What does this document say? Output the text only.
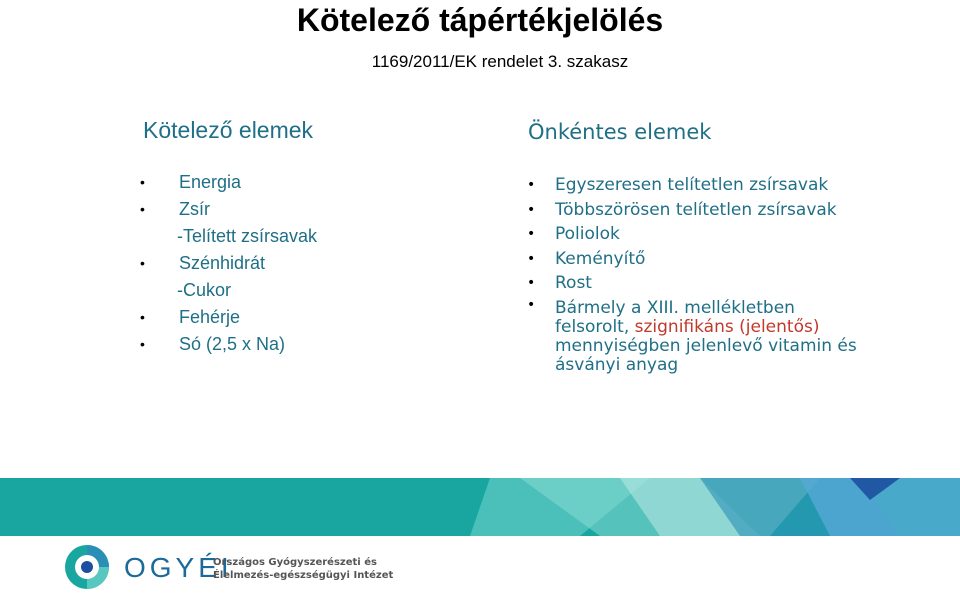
Kötelező tápértékjelölés
1169/2011/EK rendelet 3. szakasz
Kötelező elemek
•	Energia
•	Zsír
-Telített zsírsavak
•	Szénhidrát
-Cukor
•	Fehérje
•	Só (2,5 x Na)
Önkéntes elemek
•	Egyszeresen telítetlen zsírsavak
•	Többszörösen telítetlen zsírsavak
•	Poliolok
•	Keményítő
•	Rost
•	Bármely a XIII. mellékletben felsorolt, szignifikáns (jelentős) mennyiségben jelenlevő vitamin és ásványi anyag
OGYÉI
Országos Gyógyszerészeti és
Élelmezés-egészségügyi Intézet
